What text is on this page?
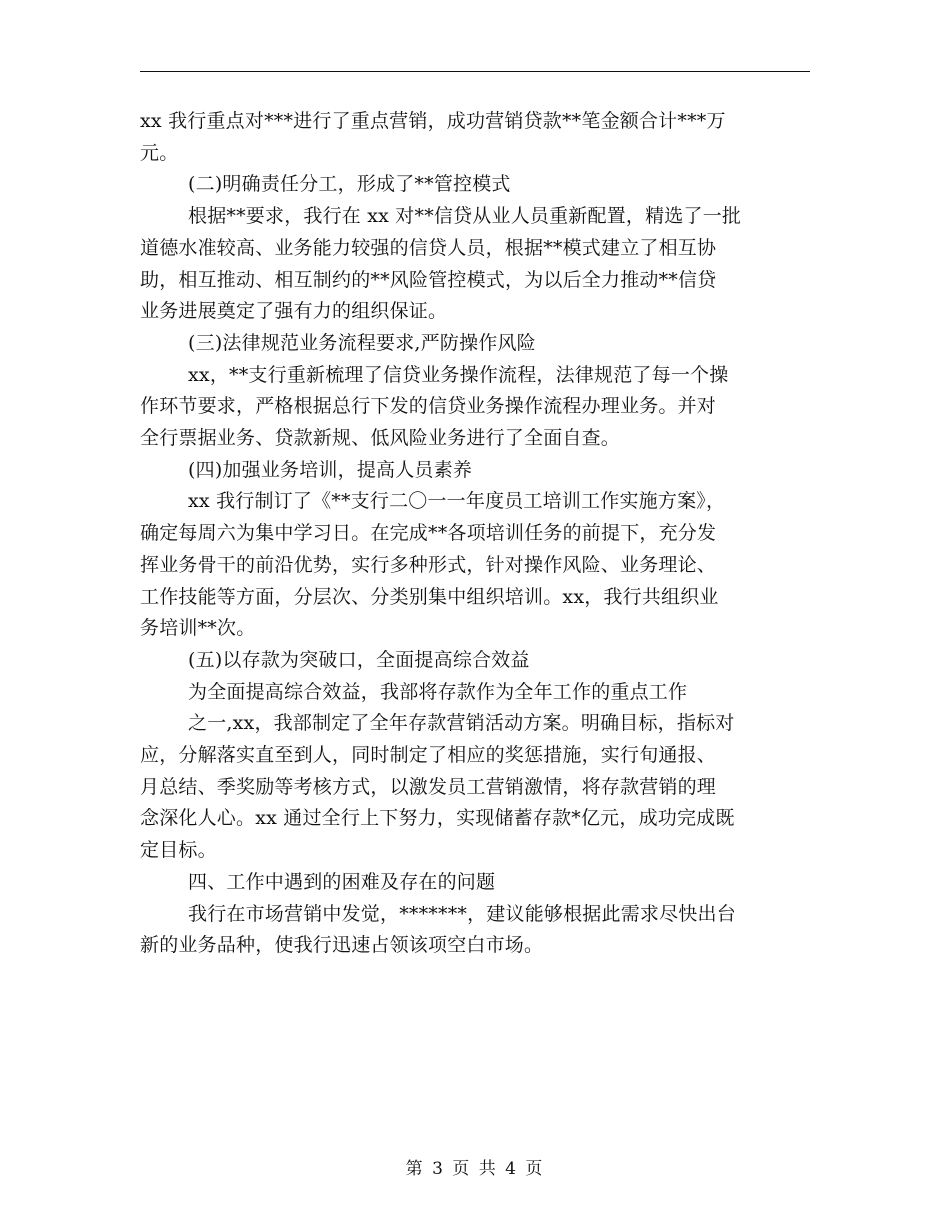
xx 我行重点对***进行了重点营销，成功营销贷款**笔金额合计***万

元。

(二)明确责任分工，形成了**管控模式

根据**要求，我行在 xx 对**信贷从业人员重新配置，精选了一批

道德水准较高、业务能力较强的信贷人员，根据**模式建立了相互协

助，相互推动、相互制约的**风险管控模式，为以后全力推动**信贷

业务进展奠定了强有力的组织保证。

(三)法律规范业务流程要求,严防操作风险

xx，**支行重新梳理了信贷业务操作流程，法律规范了每一个操

作环节要求，严格根据总行下发的信贷业务操作流程办理业务。并对

全行票据业务、贷款新规、低风险业务进行了全面自查。

(四)加强业务培训，提高人员素养

xx 我行制订了《**支行二〇一一年度员工培训工作实施方案》，

确定每周六为集中学习日。在完成**各项培训任务的前提下，充分发

挥业务骨干的前沿优势，实行多种形式，针对操作风险、业务理论、

工作技能等方面，分层次、分类别集中组织培训。xx，我行共组织业

务培训**次。

(五)以存款为突破口，全面提高综合效益

为全面提高综合效益，我部将存款作为全年工作的重点工作

之一,xx，我部制定了全年存款营销活动方案。明确目标，指标对

应，分解落实直至到人，同时制定了相应的奖惩措施，实行旬通报、

月总结、季奖励等考核方式，以激发员工营销激情，将存款营销的理

念深化人心。xx 通过全行上下努力，实现储蓄存款*亿元，成功完成既

定目标。

四、工作中遇到的困难及存在的问题

我行在市场营销中发觉，*******，建议能够根据此需求尽快出台

新的业务品种，使我行迅速占领该项空白市场。

第 3 页 共 4 页
